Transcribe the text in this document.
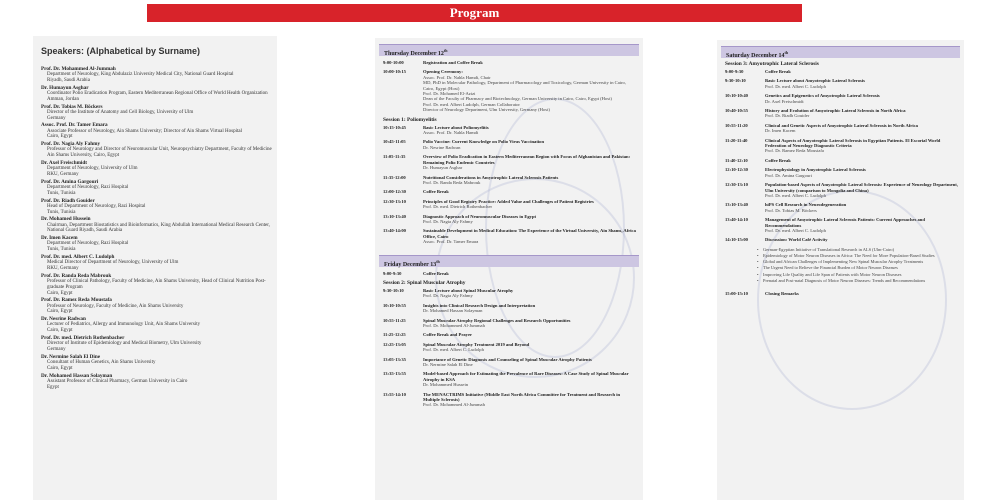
Program
Speakers: (Alphabetical by Surname)
Prof. Dr. Mohammed Al-Jummah
Department of Neurology, King Abdulaziz University Medical City, National Guard Hospital
Riyadh, Saudi Arabia
Dr. Humayun Asghar
Coordinator Polio Eradication Program, Eastern Mediterranean Regional Office of World Health Organization
Amman, Jordan
Prof. Dr. Tobias M. Böckers
Director of the Institute of Anatomy and Cell Biology, University of Ulm
Germany
Assoc. Prof. Dr. Tamer Emara
Associate Professor of Neurology, Ain Shams University; Director of Ain Shams Virtual Hospital
Cairo, Egypt
Prof. Dr. Nagia Aly Fahmy
Professor of Neurology and Director of Neuromuscular Unit, Neuropsychiatry Department, Faculty of Medicine
Ain Shams University, Cairo, Egypt
Dr. Axel Freischmidt
Department of Neurology, University of Ulm
RKU, Germany
Prof. Dr. Amina Gargouri
Department of Neurology, Razi Hospital
Tunis, Tunisia
Prof. Dr. Riadh Gouider
Head of Department of Neurology, Razi Hospital
Tunis, Tunisia
Dr. Mohamed Hussein
Chairman, Department Biostatistics and Bioinformatics, King Abdullah International Medical Research Center, National Guard Riyadh, Saudi Arabia
Dr. Imen Kacem
Department of Neurology, Razi Hospital
Tunis, Tunisia
Prof. Dr. med. Albert C. Ludolph
Medical Director of Department of Neurology, University of Ulm
RKU, Germany
Prof. Dr. Randa Reda Mabrouk
Professor of Clinical Pathology, Faculty of Medicine, Ain Shams University, Head of Clinical Nutrition Post-graduate Program
Cairo, Egypt
Prof. Dr. Ramez Reda Moustafa
Professor of Neurology, Faculty of Medicine, Ain Shams University
Cairo, Egypt
Dr. Nesrine Radwan
Lecturer of Pediatrics, Allergy and Immunology Unit, Ain Shams University
Cairo, Egypt
Prof. Dr. med. Dietrich Rothenbacher
Director of Institute of Epidemiology and Medical Biometry, Ulm University
Germany
Dr. Nermine Salah El Dine
Consultant of Human Genetics, Ain Shams University
Cairo, Egypt
Dr. Mohamed Hassan Solayman
Assistant Professor of Clinical Pharmacy, German University in Cairo
Egypt
Thursday December 12th
9:00-10:00	Registration and Coffee Break
10:00-10:15	Opening Ceremony:
Assoc. Prof. Dr. Nahla Hamdi, Chair
MD, PhD in Molecular Pathology, Department of Pharmacology and Toxicology, German University in Cairo, Cairo, Egypt (Host)
Prof. Dr. Mohamed El-Azizi
Dean of the Faculty of Pharmacy and Biotechnology, German University in Cairo, Cairo, Egypt (Host)
Prof. Dr. med. Albert Ludolph, German Collaborator
Director of Neurology Department, Ulm University, Germany (Host)
Session 1: Poliomyelitis
10:15-10:45	Basic Lecture about Poliomyelitis
Assoc. Prof. Dr. Nahla Hamdi
10:45-11:05	Polio Vaccine: Current Knowledge on Polio Virus Vaccination
Dr. Nesrine Radwan
11:05-11:35	Overview of Polio Eradication in Eastern Mediterranean Region with Focus of Afghanistan and Pakistan: Remaining Polio Endemic Countries
Dr. Humayun Asghar
11:35-12:00	Nutritional Considerations in Amyotrophic Lateral Sclerosis Patients
Prof. Dr. Randa Reda Mabrouk
12:00-12:30	Coffee Break
12:30-13:10	Principles of Good Registry Practice: Added Value and Challenges of Patient Registries
Prof. Dr. med. Dietrich Rothenbacher
13:10-13:40	Diagnostic Approach of Neuromuscular Diseases in Egypt
Prof. Dr. Nagia Aly Fahmy
13:40-14:00	Sustainable Development in Medical Education: The Experience of the Virtual University, Ain Shams, Africa Office, Cairo
Assoc. Prof. Dr. Tamer Emara
Friday December 13th
9:00-9:30	Coffee Break
Session 2: Spinal Muscular Atrophy
9:30-10:10	Basic Lecture about Spinal Muscular Atrophy
Prof. Dr. Nagia Aly Fahmy
10:10-10:55	Insights into Clinical Research Design and Interpretation
Dr. Mohamed Hassan Solayman
10:55-11:25	Spinal Muscular Atrophy Regional Challenges and Research Opportunities
Prof. Dr. Mohammed Al-Jummah
11:25-12:25	Coffee Break and Prayer
12:25-13:05	Spinal Muscular Atrophy Treatment 2019 and Beyond
Prof. Dr. med. Albert C. Ludolph
13:05-13:35	Importance of Genetic Diagnosis and Counseling of Spinal Muscular Atrophy Patients
Dr. Nermine Salah El Dine
13:35-13:55	Model-based Approach for Estimating the Prevalence of Rare Diseases: A Case Study of Spinal Muscular Atrophy in KSA
Dr. Mohammed Hussein
13:55-14:10	The MENACTRIMS Initiative (Middle East North Africa Committee for Treatment and Research in Multiple Sclerosis)
Prof. Dr. Mohammed Al-Jummah
Saturday December 14th
Session 3: Amyotrophic Lateral Sclerosis
9:00-9:30	Coffee Break
9:30-10:10	Basic Lecture about Amyotrophic Lateral Sclerosis
Prof. Dr. med. Albert C. Ludolph
10:10-10:40	Genetics and Epigenetics of Amyotrophic Lateral Sclerosis
Dr. Axel Freischmidt
10:40-10:55	History and Evolution of Amyotrophic Lateral Sclerosis in North Africa
Prof. Dr. Riadh Gouider
10:55-11:20	Clinical and Genetic Aspects of Amyotrophic Lateral Sclerosis in North Africa
Dr. Imen Kacem
11:20-11:40	Clinical Aspects of Amyotrophic Lateral Sclerosis in Egyptian Patients. El Escorial World Federation of Neurology Diagnostic Criteria
Prof. Dr. Ramez Reda Moustafa
11:40-12:10	Coffee Break
12:10-12:30	Electrophysiology in Amyotrophic Lateral Sclerosis
Prof. Dr. Amina Gargouri
12:30-13:10	Population-based Aspects of Amyotrophic Lateral Sclerosis: Experience of Neurology Department, Ulm University (comparison to Mongolia and China)
Prof. Dr. med. Albert C. Ludolph
13:10-13:40	hiPS Cell Research in Neurodegeneration
Prof. Dr. Tobias M. Böckers
13:40-14:10	Management of Amyotrophic Lateral Sclerosis Patients: Current Approaches and Recommendations
Prof. Dr. med. Albert C. Ludolph
14:10-15:00	Discussion: World Café Activity
• German-Egyptian Initiative of Translational Research in ALS (Ulm-Cairo)
• Epidemiology of Motor Neuron Diseases in Africa: The Need for More Population-Based Studies
• Global and African Challenges of Implementing New Spinal Muscular Atrophy Treatments
• The Urgent Need to Relieve the Financial Burden of Motor Neuron Diseases
• Improving Life Quality and Life Span of Patients with Motor Neuron Diseases
• Prenatal and Post-natal Diagnosis of Motor Neuron Diseases: Trends and Recommendations
15:00-15:10	Closing Remarks
